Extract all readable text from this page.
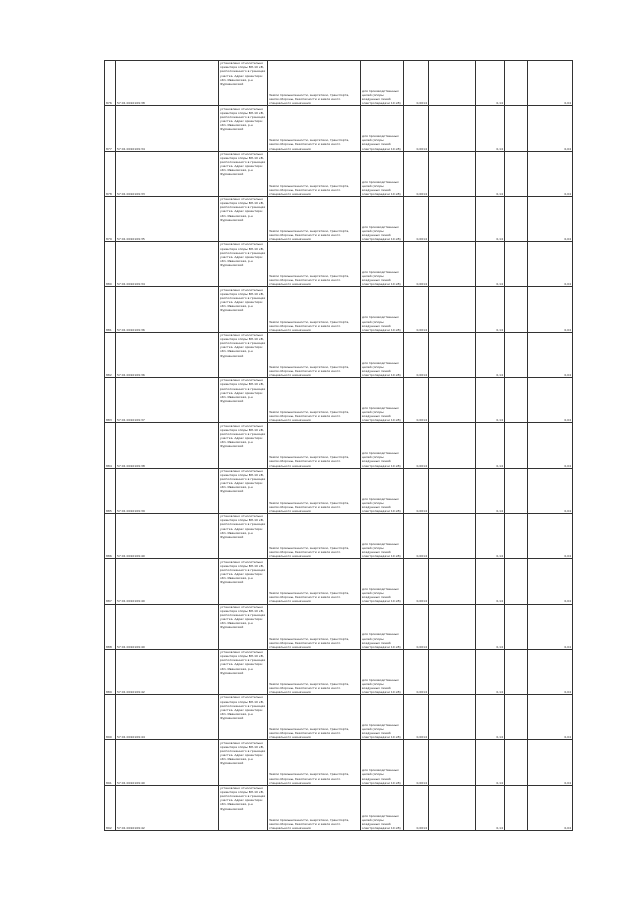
876	57:01:0010109:38	установлено относительно ориентира опоры ВЛ-10 кВ, расположенного в границах участка. Адрес ориентира: обл. Ивановская, р-н Фурмановский	Земли промышленности, энергетики, транспорта, земли обороны, безопасности и земли иного специального назначения	для производственных целей (опоры воздушных линий электропередачи 10 кВ)	0,0014		0,14		0,04
877	57:01:0010109:34	установлено относительно ориентира опоры ВЛ-10 кВ, расположенного в границах участка. Адрес ориентира: обл. Ивановская, р-н Фурмановский	Земли промышленности, энергетики, транспорта, земли обороны, безопасности и земли иного специального назначения	для производственных целей (опоры воздушных линий электропередачи 10 кВ)	0,0014		0,14		0,04
878	57:01:0010109:33	установлено относительно ориентира опоры ВЛ-10 кВ, расположенного в границах участка. Адрес ориентира: обл. Ивановская, р-н Фурмановский	Земли промышленности, энергетики, транспорта, земли обороны, безопасности и земли иного специального назначения	для производственных целей (опоры воздушных линий электропередачи 10 кВ)	0,0014		0,14		0,04
879	57:01:0010109:35	установлено относительно ориентира опоры ВЛ-10 кВ, расположенного в границах участка. Адрес ориентира: обл. Ивановская, р-н Фурмановский	Земли промышленности, энергетики, транспорта, земли обороны, безопасности и земли иного специального назначения	для производственных целей (опоры воздушных линий электропередачи 10 кВ)	0,0014		0,14		0,04
880	57:01:0010109:34	установлено относительно ориентира опоры ВЛ-10 кВ, расположенного в границах участка. Адрес ориентира: обл. Ивановская, р-н Фурмановский	Земли промышленности, энергетики, транспорта, земли обороны, безопасности и земли иного специального назначения	для производственных целей (опоры воздушных линий электропередачи 10 кВ)	0,0014		0,14		0,04
881	57:01:0010109:36	установлено относительно ориентира опоры ВЛ-10 кВ, расположенного в границах участка. Адрес ориентира: обл. Ивановская, р-н Фурмановский	Земли промышленности, энергетики, транспорта, земли обороны, безопасности и земли иного специального назначения	для производственных целей (опоры воздушных линий электропередачи 10 кВ)	0,0014		0,14		0,04
882	57:01:0010109:36	установлено относительно ориентира опоры ВЛ-10 кВ, расположенного в границах участка. Адрес ориентира: обл. Ивановская, р-н Фурмановский	Земли промышленности, энергетики, транспорта, земли обороны, безопасности и земли иного специального назначения	для производственных целей (опоры воздушных линий электропередачи 10 кВ)	0,0014		0,14		0,04
883	57:01:0010109:37	установлено относительно ориентира опоры ВЛ-10 кВ, расположенного в границах участка. Адрес ориентира: обл. Ивановская, р-н Фурмановский	Земли промышленности, энергетики, транспорта, земли обороны, безопасности и земли иного специального назначения	для производственных целей (опоры воздушных линий электропередачи 10 кВ)	0,0014		0,14		0,04
884	57:01:0010109:38	установлено относительно ориентира опоры ВЛ-10 кВ, расположенного в границах участка. Адрес ориентира: обл. Ивановская, р-н Фурмановский	Земли промышленности, энергетики, транспорта, земли обороны, безопасности и земли иного специального назначения	для производственных целей (опоры воздушных линий электропередачи 10 кВ)	0,0014		0,14		0,04
885	57:01:0010109:39	установлено относительно ориентира опоры ВЛ-10 кВ, расположенного в границах участка. Адрес ориентира: обл. Ивановская, р-н Фурмановский	Земли промышленности, энергетики, транспорта, земли обороны, безопасности и земли иного специального назначения	для производственных целей (опоры воздушных линий электропередачи 10 кВ)	0,0014		0,14		0,04
886	57:01:0010109:40	установлено относительно ориентира опоры ВЛ-10 кВ, расположенного в границах участка. Адрес ориентира: обл. Ивановская, р-н Фурмановский	Земли промышленности, энергетики, транспорта, земли обороны, безопасности и земли иного специального назначения	для производственных целей (опоры воздушных линий электропередачи 10 кВ)	0,0014		0,14		0,04
887	57:01:0010109:40	установлено относительно ориентира опоры ВЛ-10 кВ, расположенного в границах участка. Адрес ориентира: обл. Ивановская, р-н Фурмановский	Земли промышленности, энергетики, транспорта, земли обороны, безопасности и земли иного специального назначения	для производственных целей (опоры воздушных линий электропередачи 10 кВ)	0,0014		0,14		0,04
888	57:01:0010109:40	установлено относительно ориентира опоры ВЛ-10 кВ, расположенного в границах участка. Адрес ориентира: обл. Ивановская, р-н Фурмановский	Земли промышленности, энергетики, транспорта, земли обороны, безопасности и земли иного специального назначения	для производственных целей (опоры воздушных линий электропередачи 10 кВ)	0,0014		0,14		0,04
889	57:01:0010109:42	установлено относительно ориентира опоры ВЛ-10 кВ, расположенного в границах участка. Адрес ориентира: обл. Ивановская, р-н Фурмановский	Земли промышленности, энергетики, транспорта, земли обороны, безопасности и земли иного специального назначения	для производственных целей (опоры воздушных линий электропередачи 10 кВ)	0,0014		0,14		0,04
890	57:01:0010109:44	установлено относительно ориентира опоры ВЛ-10 кВ, расположенного в границах участка. Адрес ориентира: обл. Ивановская, р-н Фурмановский	Земли промышленности, энергетики, транспорта, земли обороны, безопасности и земли иного специального назначения	для производственных целей (опоры воздушных линий электропередачи 10 кВ)	0,0014		0,14		0,04
891	57:01:0010109:40	установлено относительно ориентира опоры ВЛ-10 кВ, расположенного в границах участка. Адрес ориентира: обл. Ивановская, р-н Фурмановский	Земли промышленности, энергетики, транспорта, земли обороны, безопасности и земли иного специального назначения	для производственных целей (опоры воздушных линий электропередачи 10 кВ)	0,0014		0,14		0,04
892	57:01:0010109:42	установлено относительно ориентира опоры ВЛ-10 кВ, расположенного в границах участка. Адрес ориентира: обл. Ивановская, р-н Фурмановский	Земли промышленности, энергетики, транспорта, земли обороны, безопасности и земли иного специального назначения	для производственных целей (опоры воздушных линий электропередачи 10 кВ)	0,0014		0,14		0,04
